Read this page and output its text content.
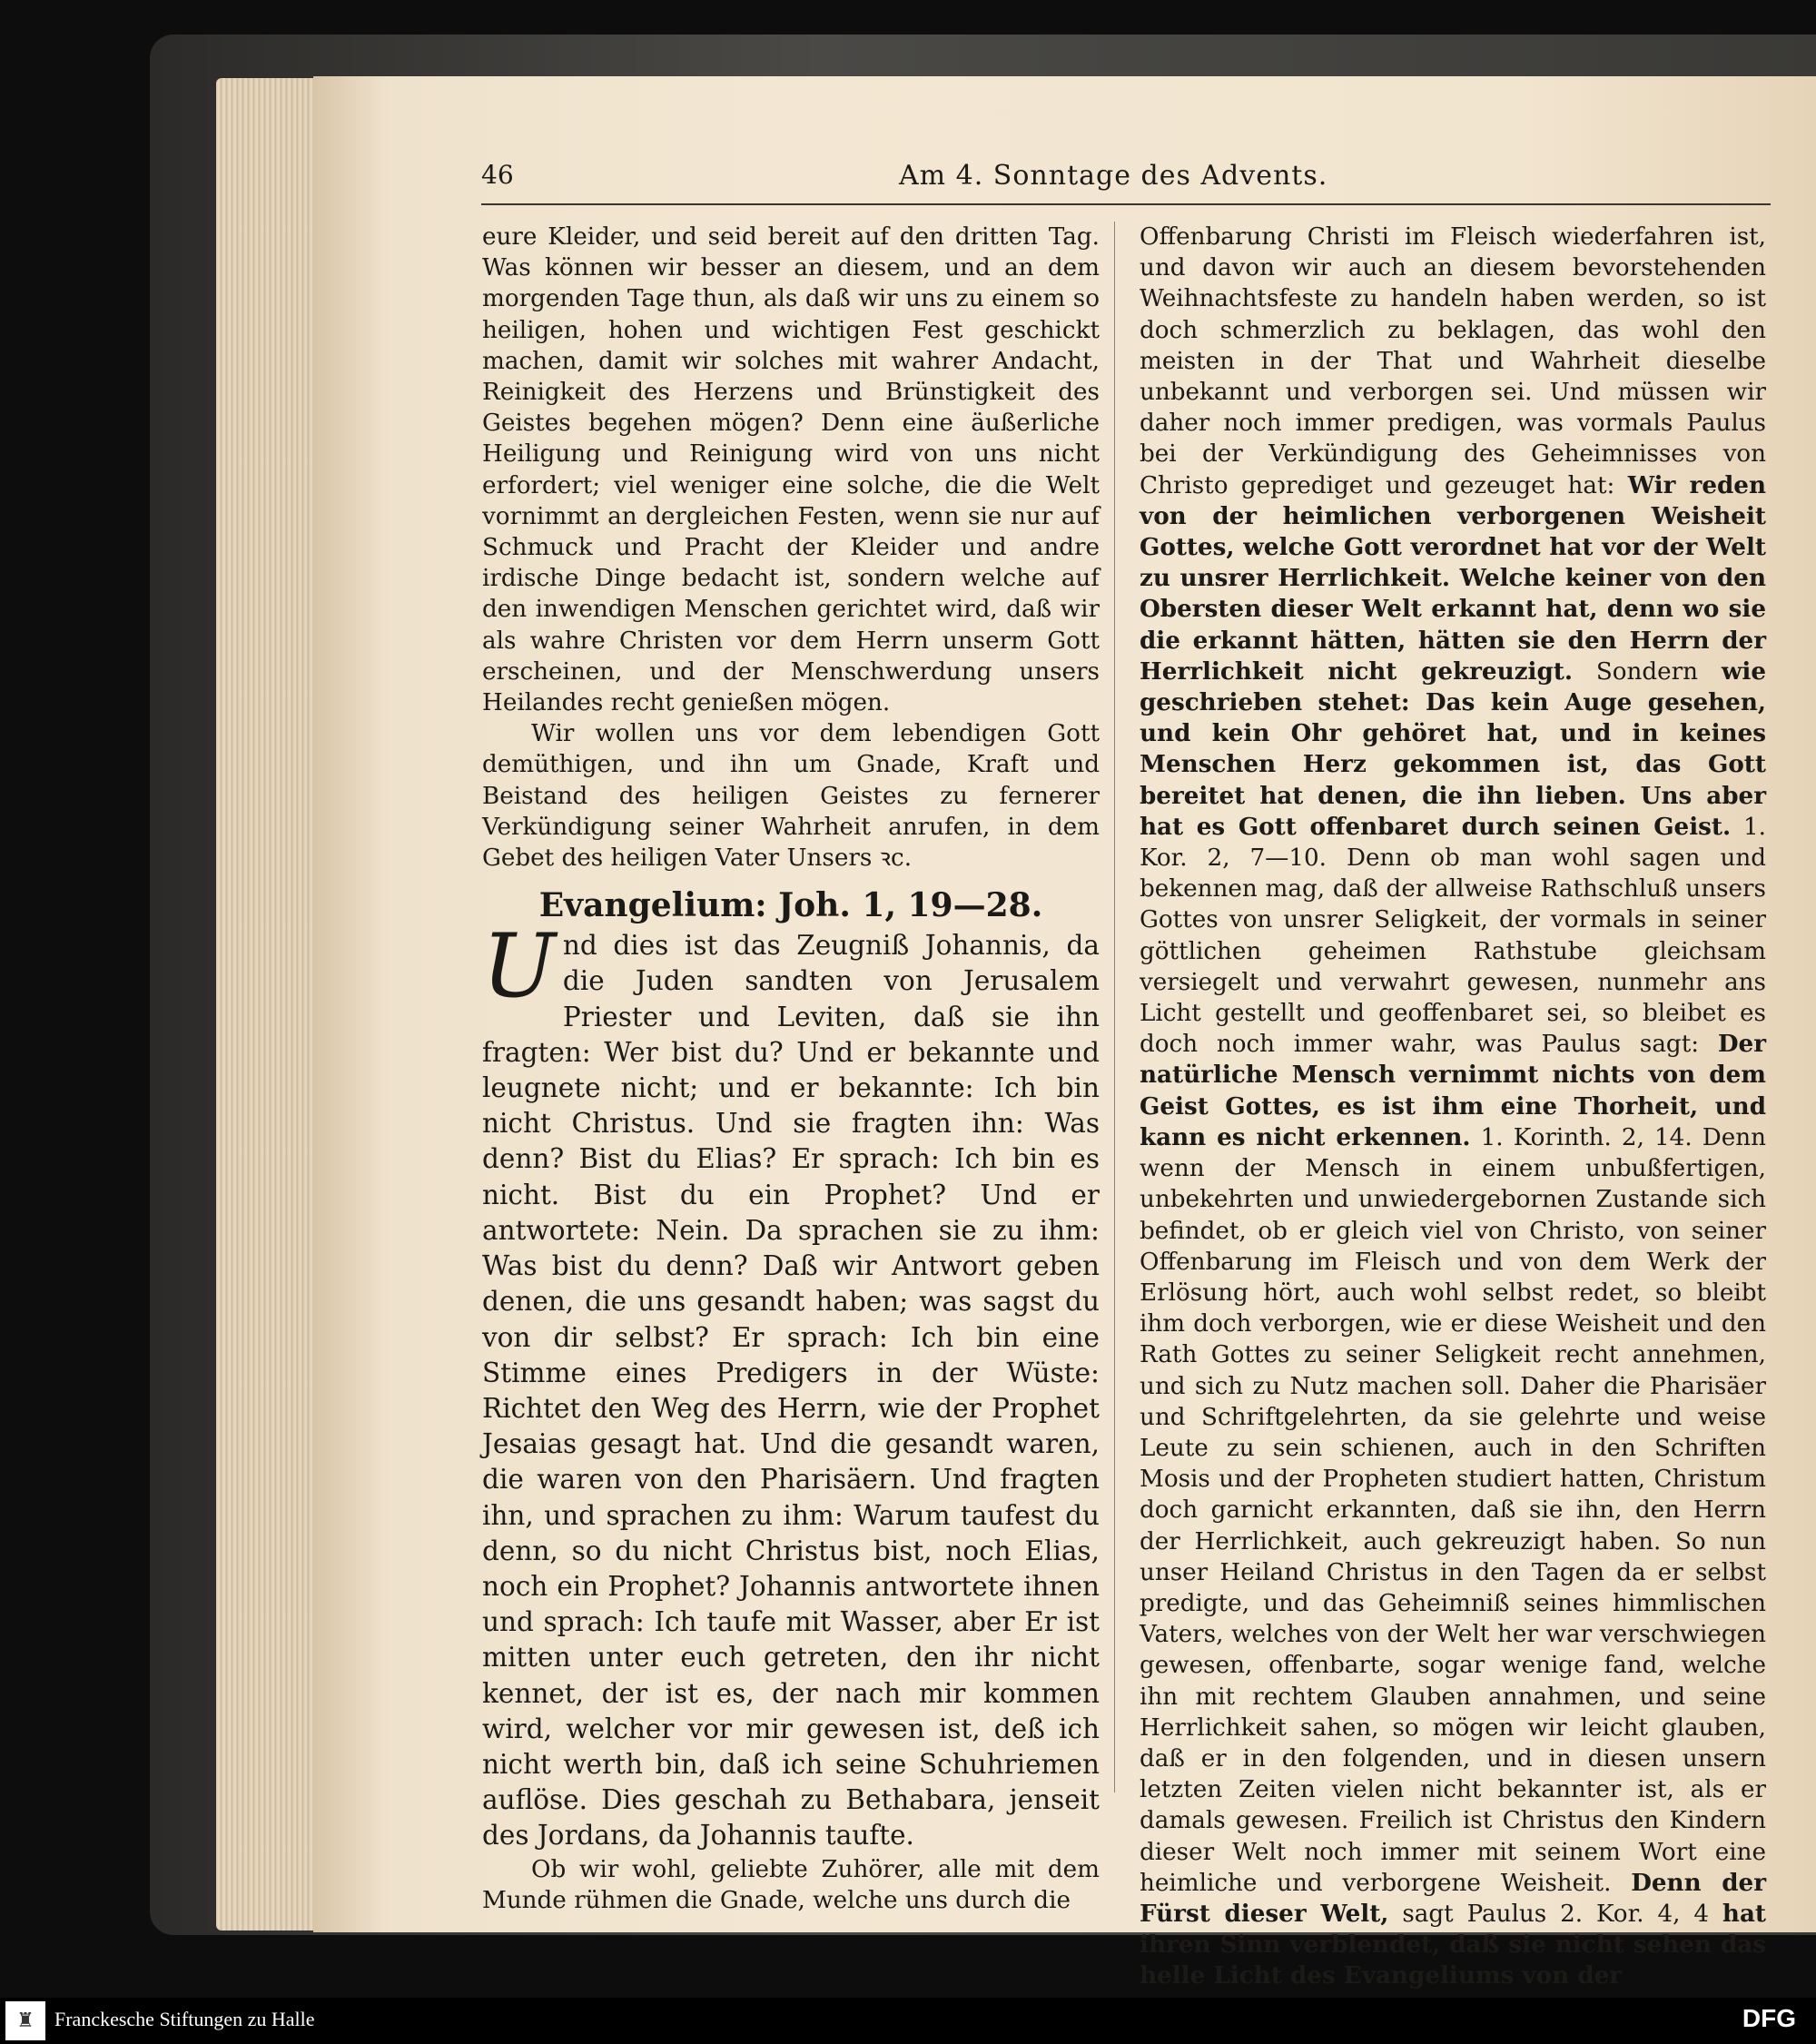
46	Am 4. Sonntage des Advents.

eure Kleider, und seid bereit auf den dritten Tag. Was können wir besser an diesem, und an dem morgenden Tage thun, als daß wir uns zu einem so heiligen, hohen und wichtigen Fest geschickt machen, damit wir solches mit wahrer Andacht, Reinigkeit des Herzens und Brünstigkeit des Geistes begehen mögen? Denn eine äußerliche Heiligung und Reinigung wird von uns nicht erfordert; viel weniger eine solche, die die Welt vornimmt an dergleichen Festen, wenn sie nur auf Schmuck und Pracht der Kleider und andre irdische Dinge bedacht ist, sondern welche auf den inwendigen Menschen gerichtet wird, daß wir als wahre Christen vor dem Herrn unserm Gott erscheinen, und der Menschwerdung unsers Heilandes recht genießen mögen.

Wir wollen uns vor dem lebendigen Gott demüthigen, und ihn um Gnade, Kraft und Beistand des heiligen Geistes zu fernerer Verkündigung seiner Wahrheit anrufen, in dem Gebet des heiligen Vater Unsers ꝛc.

Evangelium: Joh. 1, 19—28.

Und dies ist das Zeugniß Johannis, da die Juden sandten von Jerusalem Priester und Leviten, daß sie ihn fragten: Wer bist du? Und er bekannte und leugnete nicht; und er bekannte: Ich bin nicht Christus. Und sie fragten ihn: Was denn? Bist du Elias? Er sprach: Ich bin es nicht. Bist du ein Prophet? Und er antwortete: Nein. Da sprachen sie zu ihm: Was bist du denn? Daß wir Antwort geben denen, die uns gesandt haben; was sagst du von dir selbst? Er sprach: Ich bin eine Stimme eines Predigers in der Wüste: Richtet den Weg des Herrn, wie der Prophet Jesaias gesagt hat. Und die gesandt waren, die waren von den Pharisäern. Und fragten ihn, und sprachen zu ihm: Warum taufest du denn, so du nicht Christus bist, noch Elias, noch ein Prophet? Johannis antwortete ihnen und sprach: Ich taufe mit Wasser, aber Er ist mitten unter euch getreten, den ihr nicht kennet, der ist es, der nach mir kommen wird, welcher vor mir gewesen ist, deß ich nicht werth bin, daß ich seine Schuhriemen auflöse. Dies geschah zu Bethabara, jenseit des Jordans, da Johannis taufte.

Ob wir wohl, geliebte Zuhörer, alle mit dem Munde rühmen die Gnade, welche uns durch die

Offenbarung Christi im Fleisch wiederfahren ist, und davon wir auch an diesem bevorstehenden Weihnachtsfeste zu handeln haben werden, so ist doch schmerzlich zu beklagen, das wohl den meisten in der That und Wahrheit dieselbe unbekannt und verborgen sei. Und müssen wir daher noch immer predigen, was vormals Paulus bei der Verkündigung des Geheimnisses von Christo geprediget und gezeuget hat: Wir reden von der heimlichen verborgenen Weisheit Gottes, welche Gott verordnet hat vor der Welt zu unsrer Herrlichkeit. Welche keiner von den Obersten dieser Welt erkannt hat, denn wo sie die erkannt hätten, hätten sie den Herrn der Herrlichkeit nicht gekreuzigt. Sondern wie geschrieben stehet: Das kein Auge gesehen, und kein Ohr gehöret hat, und in keines Menschen Herz gekommen ist, das Gott bereitet hat denen, die ihn lieben. Uns aber hat es Gott offenbaret durch seinen Geist. 1. Kor. 2, 7—10. Denn ob man wohl sagen und bekennen mag, daß der allweise Rathschluß unsers Gottes von unsrer Seligkeit, der vormals in seiner göttlichen geheimen Rathstube gleichsam versiegelt und verwahrt gewesen, nunmehr ans Licht gestellt und geoffenbaret sei, so bleibet es doch noch immer wahr, was Paulus sagt: Der natürliche Mensch vernimmt nichts von dem Geist Gottes, es ist ihm eine Thorheit, und kann es nicht erkennen. 1. Korinth. 2, 14. Denn wenn der Mensch in einem unbußfertigen, unbekehrten und unwiedergebornen Zustande sich befindet, ob er gleich viel von Christo, von seiner Offenbarung im Fleisch und von dem Werk der Erlösung hört, auch wohl selbst redet, so bleibt ihm doch verborgen, wie er diese Weisheit und den Rath Gottes zu seiner Seligkeit recht annehmen, und sich zu Nutz machen soll. Daher die Pharisäer und Schriftgelehrten, da sie gelehrte und weise Leute zu sein schienen, auch in den Schriften Mosis und der Propheten studiert hatten, Christum doch garnicht erkannten, daß sie ihn, den Herrn der Herrlichkeit, auch gekreuzigt haben. So nun unser Heiland Christus in den Tagen da er selbst predigte, und das Geheimniß seines himmlischen Vaters, welches von der Welt her war verschwiegen gewesen, offenbarte, sogar wenige fand, welche ihn mit rechtem Glauben annahmen, und seine Herrlichkeit sahen, so mögen wir leicht glauben, daß er in den folgenden, und in diesen unsern letzten Zeiten vielen nicht bekannter ist, als er damals gewesen. Freilich ist Christus den Kindern dieser Welt noch immer mit seinem Wort eine heimliche und verborgene Weisheit. Denn der Fürst dieser Welt, sagt Paulus 2. Kor. 4, 4 hat ihren Sinn verblendet, daß sie nicht sehen das helle Licht des Evangeliums von der

♜	Franckesche Stiftungen zu Halle	DFG
